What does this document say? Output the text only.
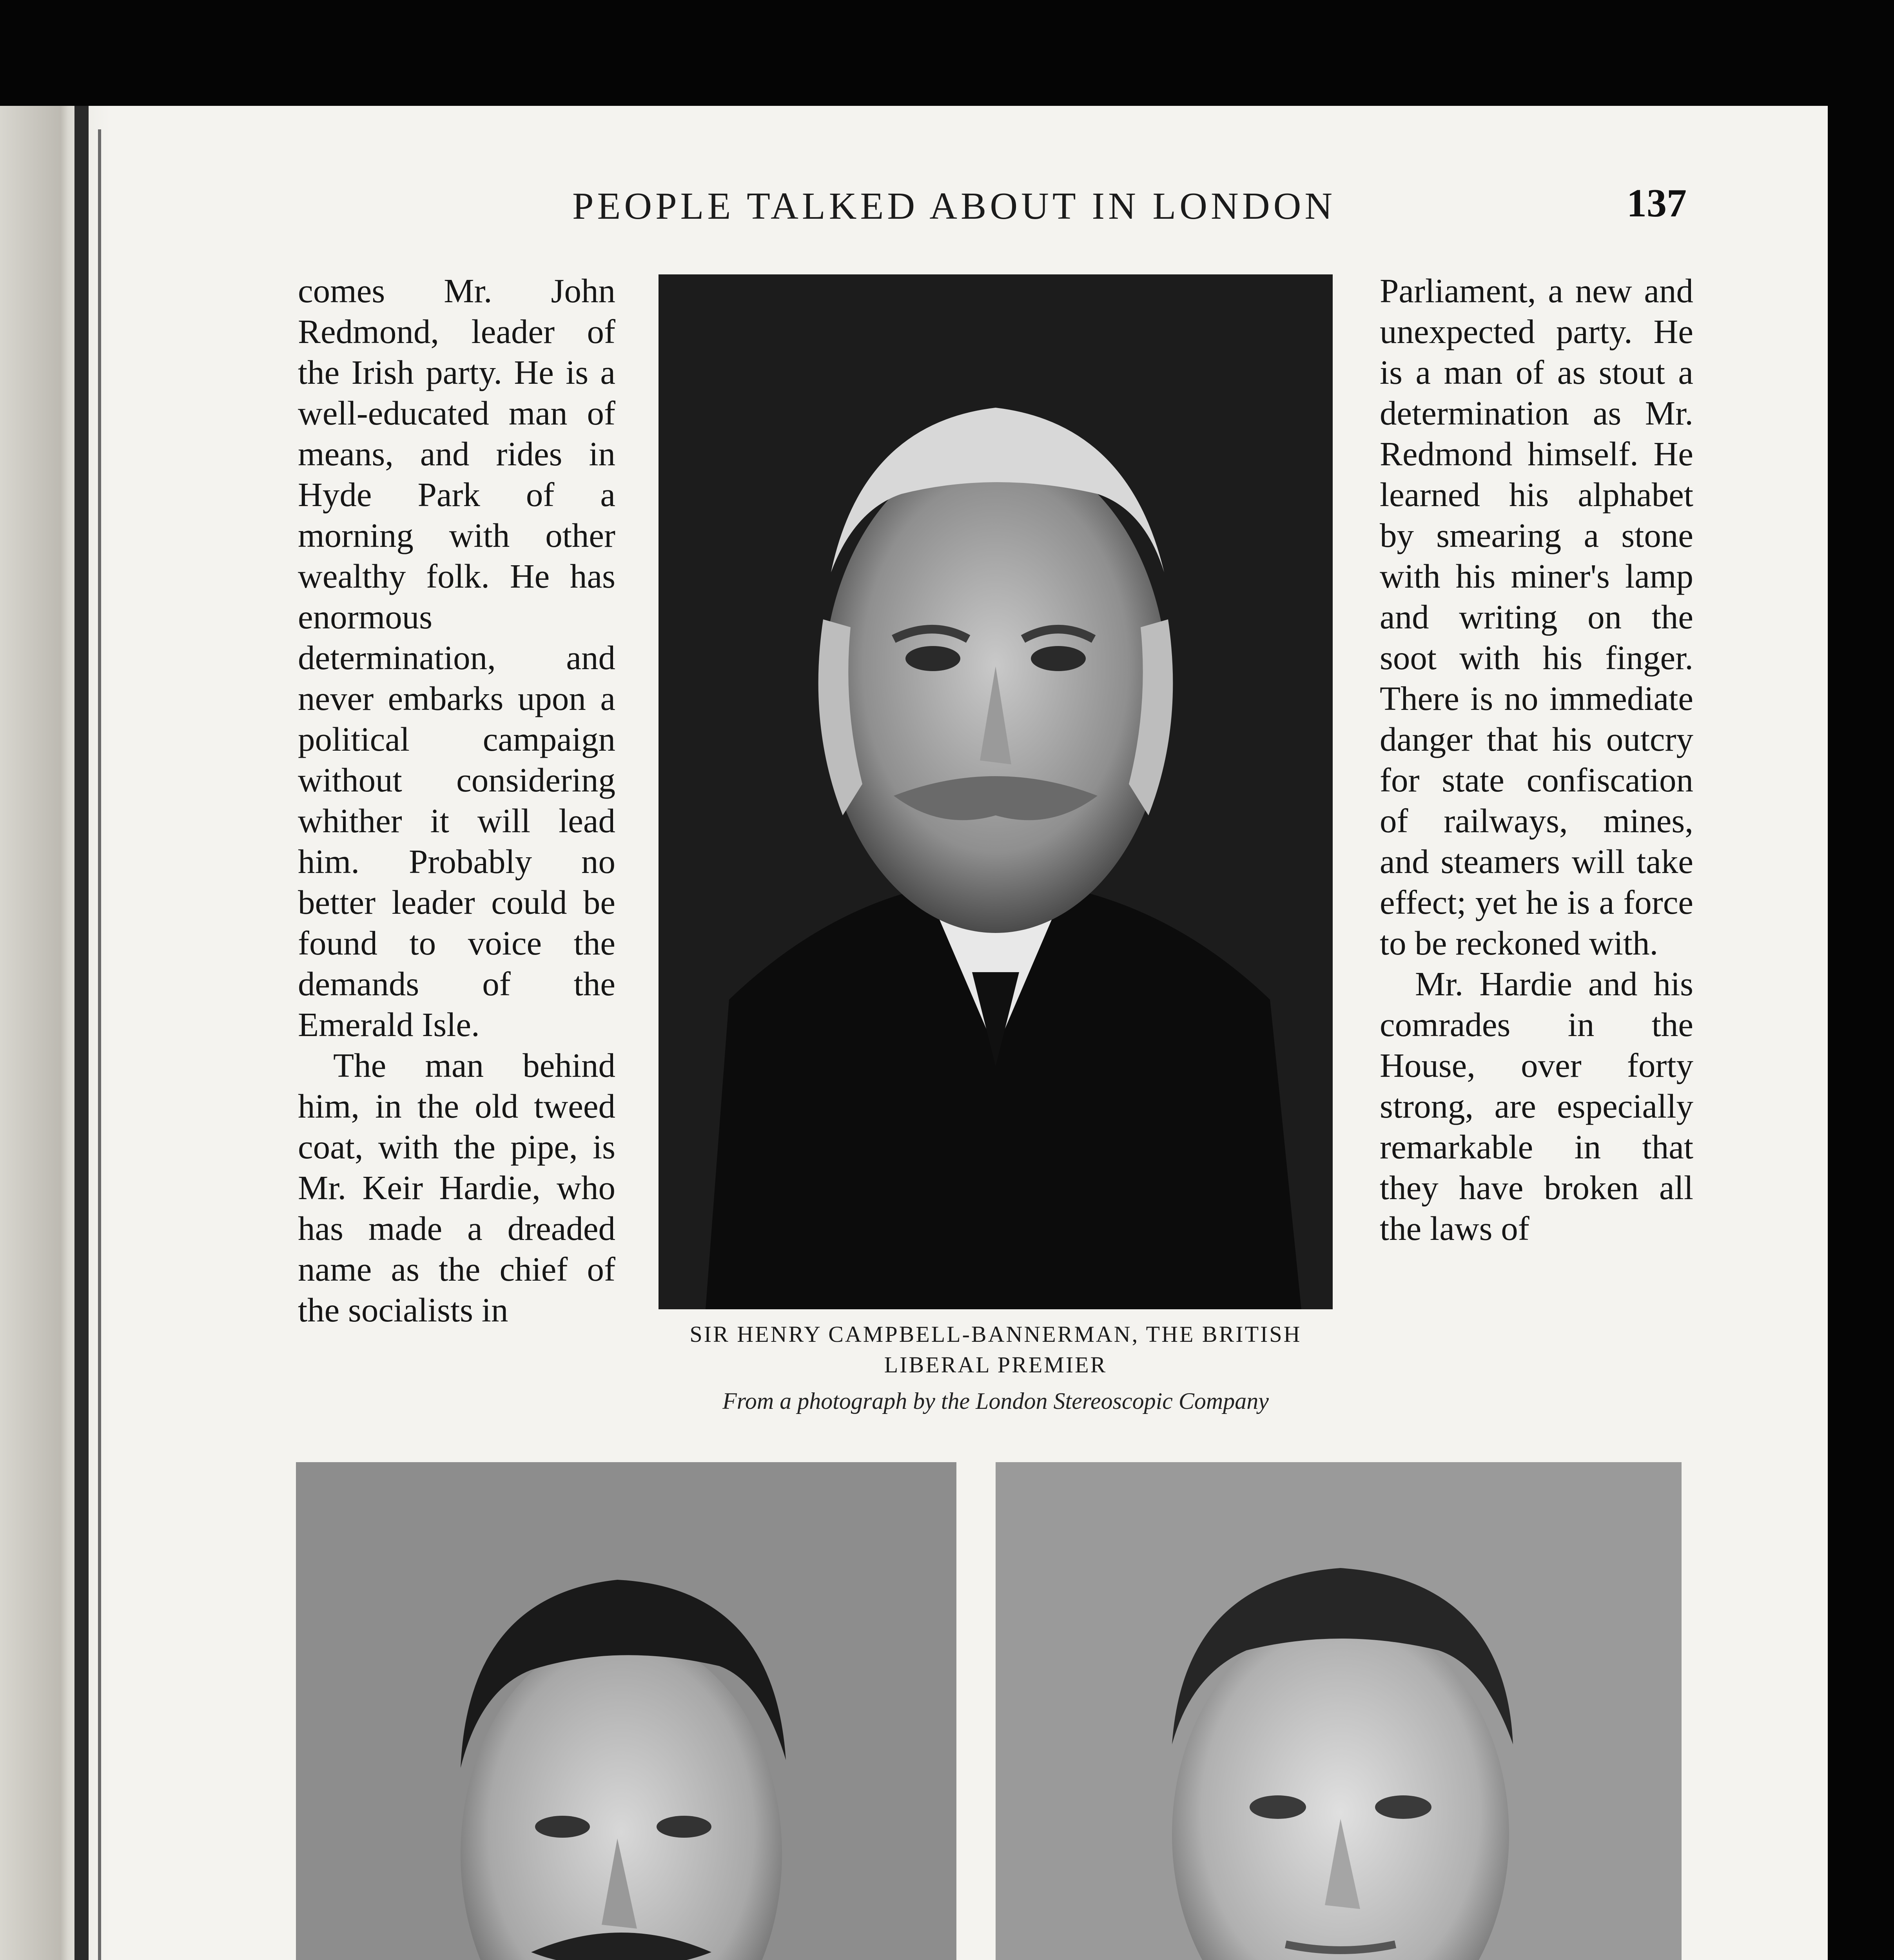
PEOPLE TALKED ABOUT IN LONDON	137

comes Mr. John Redmond, leader of the Irish party. He is a well-educated man of means, and rides in Hyde Park of a morning with other wealthy folk. He has enormous determination, and never embarks upon a political campaign without considering whither it will lead him. Probably no better leader could be found to voice the demands of the Emerald Isle.

The man behind him, in the old tweed coat, with the pipe, is Mr. Keir Hardie, who has made a dreaded name as the chief of the socialists in

Parliament, a new and unexpected party. He is a man of as stout a determination as Mr. Redmond himself. He learned his alphabet by smearing a stone with his miner's lamp and writing on the soot with his finger. There is no immediate danger that his outcry for state confiscation of railways, mines, and steamers will take effect; yet he is a force to be reckoned with.

Mr. Hardie and his comrades in the House, over forty strong, are especially remarkable in that they have broken all the laws of

SIR HENRY CAMPBELL-BANNERMAN, THE BRITISH LIBERAL PREMIER
From a photograph by the London Stereoscopic Company
